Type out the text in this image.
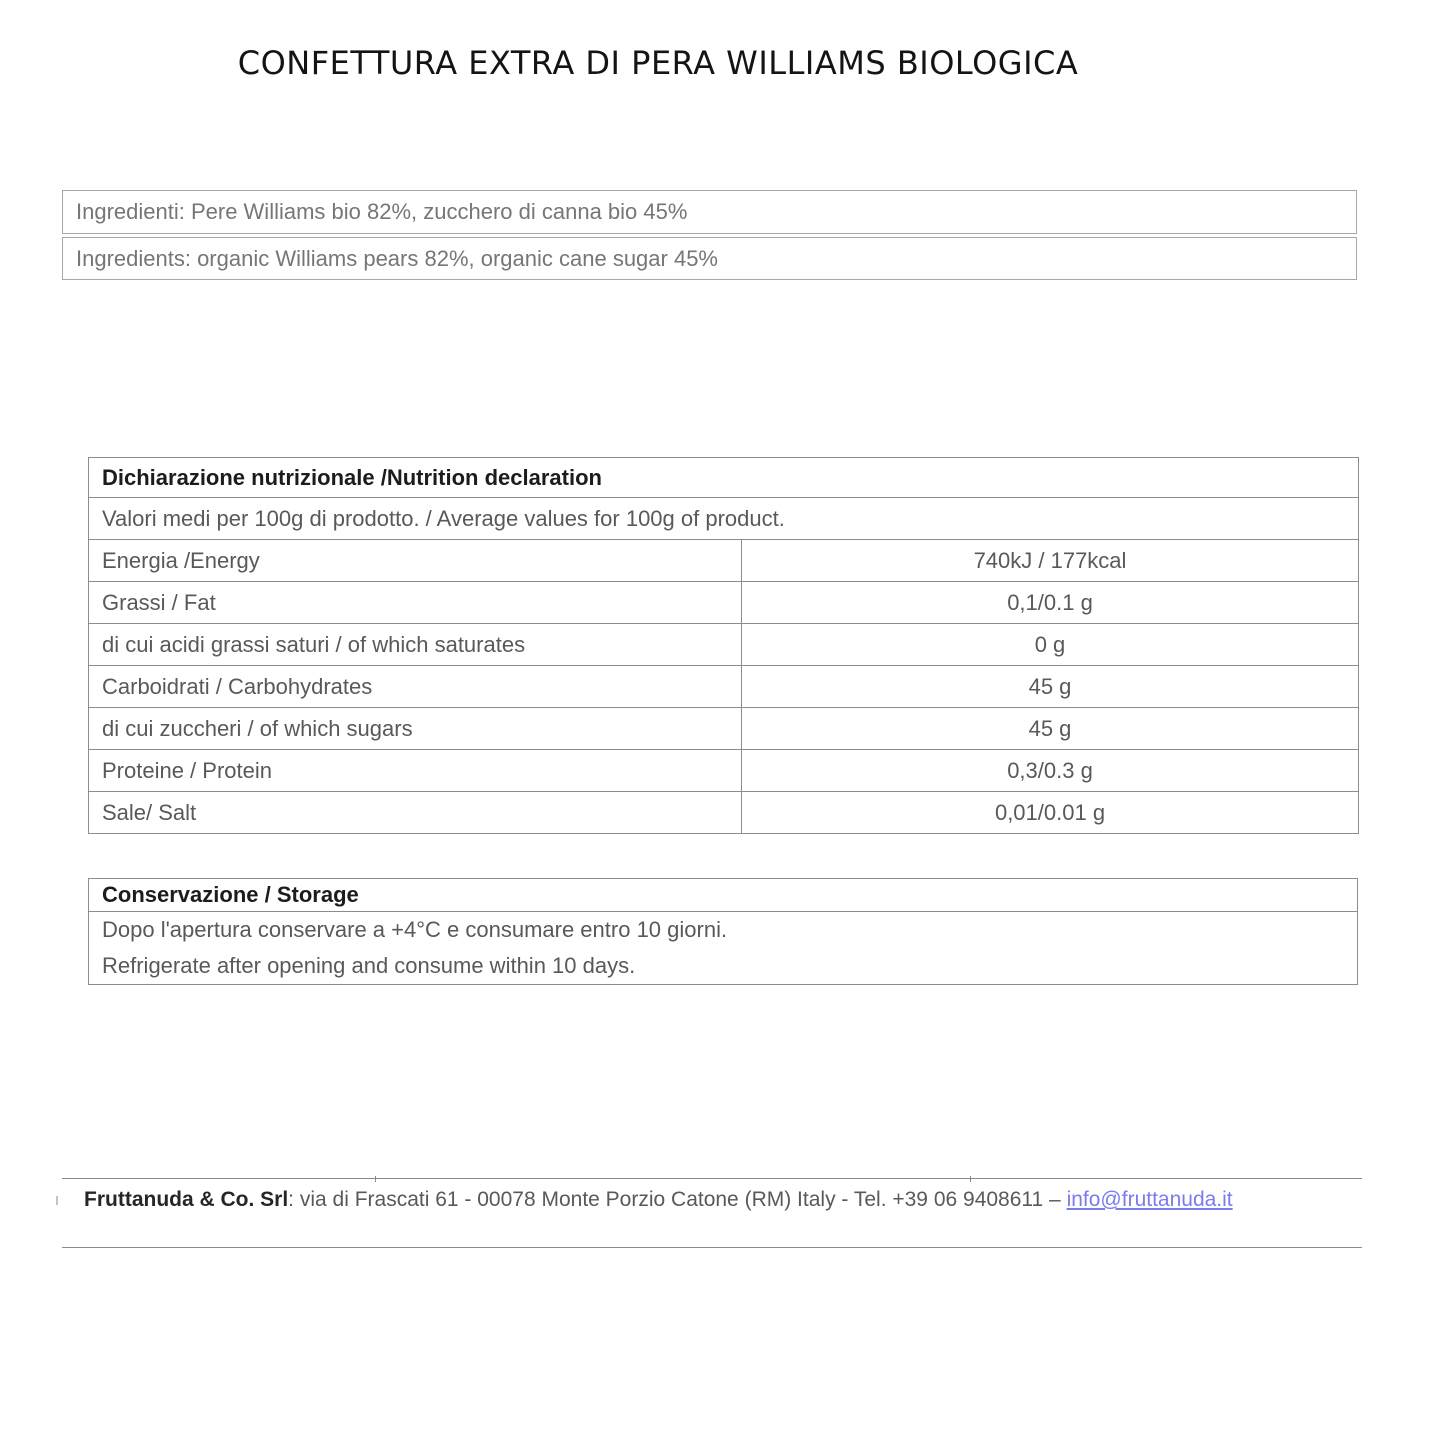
CONFETTURA EXTRA DI PERA WILLIAMS BIOLOGICA
Ingredienti: Pere Williams bio 82%, zucchero di canna bio 45%
Ingredients: organic Williams pears 82%, organic cane sugar 45%
Dichiarazione nutrizionale /Nutrition declaration	
Valori medi per 100g di prodotto. / Average values for 100g of product.	
Energia /Energy	740kJ / 177kcal
Grassi / Fat	0,1/0.1 g
di cui acidi grassi saturi / of which saturates	0 g
Carboidrati / Carbohydrates	45 g
di cui zuccheri / of which sugars	45 g
Proteine / Protein	0,3/0.3 g
Sale/ Salt	0,01/0.01 g
Conservazione / Storage

Dopo l'apertura conservare a +4°C e consumare entro 10 giorni.
Refrigerate after opening and consume within 10 days.
Fruttanuda & Co. Srl: via di Frascati 61 - 00078 Monte Porzio Catone (RM) Italy - Tel. +39 06 9408611 – info@fruttanuda.it
